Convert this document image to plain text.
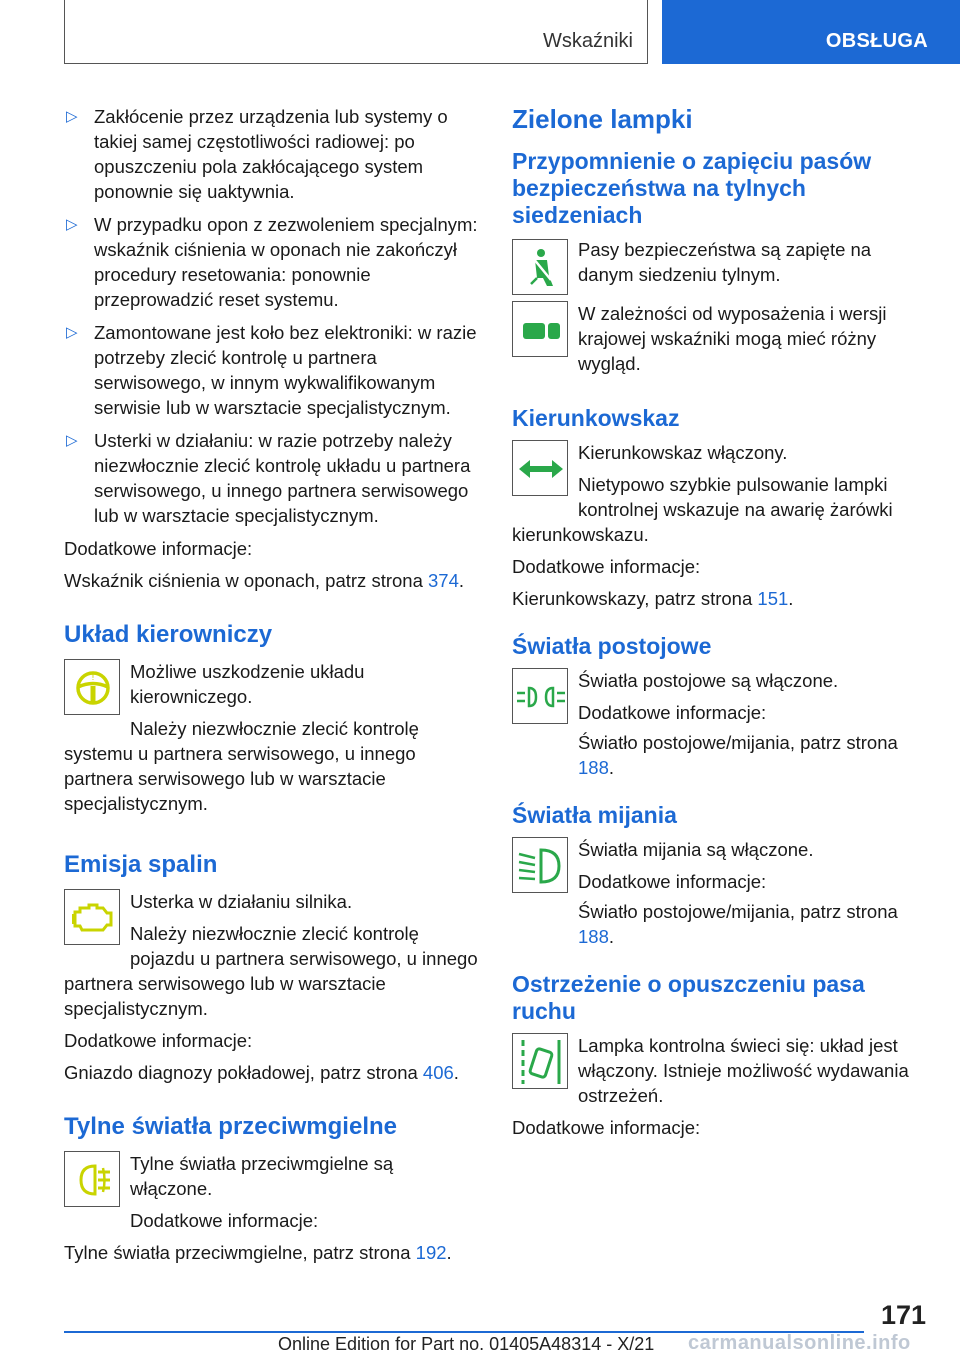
Wskaźniki	OBSŁUGA
▷ Zakłócenie przez urządzenia lub systemy o takiej samej częstotliwości radiowej: po opuszczeniu pola zakłócającego system ponownie się uaktywnia.
▷ W przypadku opon z zezwoleniem specjalnym: wskaźnik ciśnienia w oponach nie zakończył procedury resetowania: ponownie przeprowadzić reset systemu.
▷ Zamontowane jest koło bez elektroniki: w razie potrzeby zlecić kontrolę u partnera serwisowego, w innym wykwalifikowanym serwisie lub w warsztacie specjalistycznym.
▷ Usterki w działaniu: w razie potrzeby należy niezwłocznie zlecić kontrolę układu u partnera serwisowego, u innego partnera serwisowego lub w warsztacie specjalistycznym.

Dodatkowe informacje:

Wskaźnik ciśnienia w oponach, patrz strona 374.

Układ kierowniczy
!	Możliwe uszkodzenie układu kierowniczego.

Należy niezwłocznie zlecić kontrolę systemu u partnera serwisowego, u innego partnera serwisowego lub w warsztacie specjalistycznym.

Emisja spalin

Usterka w działaniu silnika.

Należy niezwłocznie zlecić kontrolę pojazdu u partnera serwisowego, u innego partnera serwisowego lub w warsztacie specjalistycznym.

Dodatkowe informacje:

Gniazdo diagnozy pokładowej, patrz strona 406.

Tylne światła przeciwmgielne

Tylne światła przeciwmgielne są włączone.

Dodatkowe informacje:

Tylne światła przeciwmgielne, patrz strona 192.

Zielone lampki
Przypomnienie o zapięciu pasów bezpieczeństwa na tylnych siedzeniach

Pasy bezpieczeństwa są zapięte na danym siedzeniu tylnym.

W zależności od wyposażenia i wersji krajowej wskaźniki mogą mieć różny wygląd.

Kierunkowskaz

Kierunkowskaz włączony.

Nietypowo szybkie pulsowanie lampki kontrolnej wskazuje na awarię żarówki kierunkowskazu.

Dodatkowe informacje:

Kierunkowskazy, patrz strona 151.

Światła postojowe

Światła postojowe są włączone.

Dodatkowe informacje:

Światło postojowe/mijania, patrz strona 188.

Światła mijania

Światła mijania są włączone.

Dodatkowe informacje:

Światło postojowe/mijania, patrz strona 188.

Ostrzeżenie o opuszczeniu pasa ruchu

Lampka kontrolna świeci się: układ jest włączony. Istnieje możliwość wydawania ostrzeżeń.

Dodatkowe informacje:

171
Online Edition for Part no. 01405A48314 - X/21 carmanualsonline.info
